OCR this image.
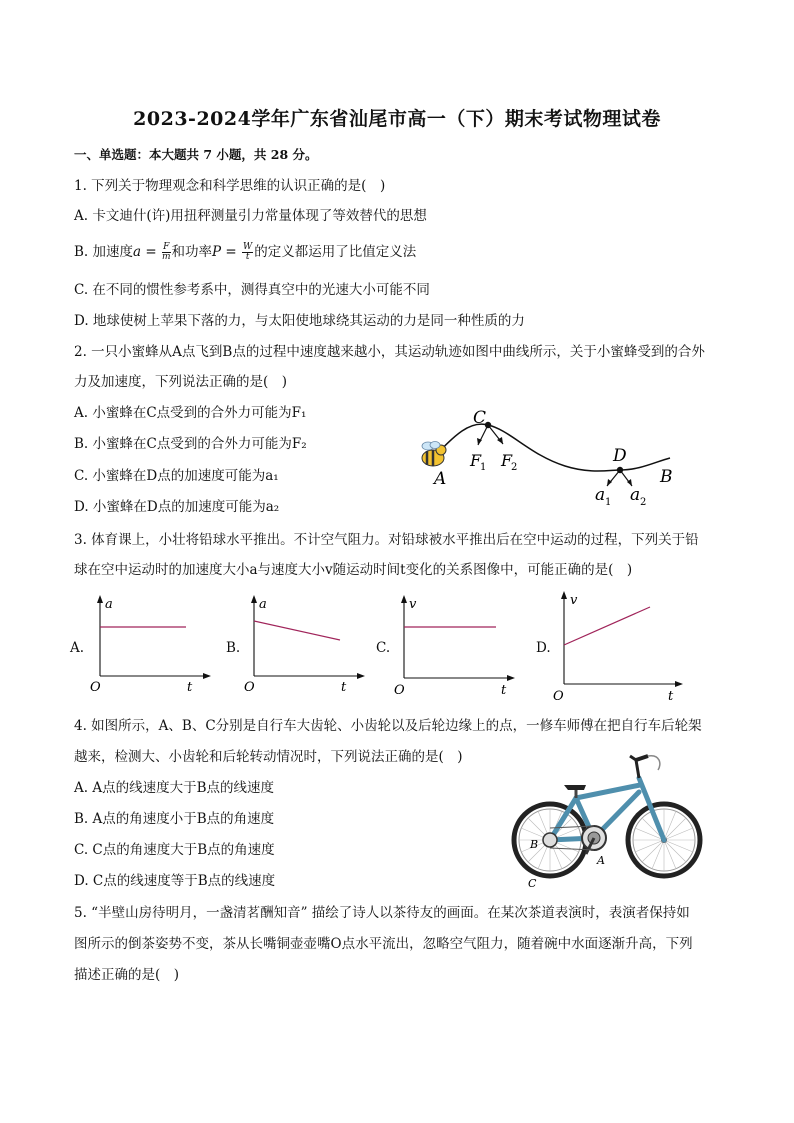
2023-2024学年广东省汕尾市高一（下）期末考试物理试卷
一、单选题：本大题共 7 小题，共 28 分。
1. 下列关于物理观念和科学思维的认识正确的是(　)
A. 卡文迪什(许)用扭秤测量引力常量体现了等效替代的思想
B. 加速度$a = \frac{F}{m}$ 和功率$P = \frac{W}{t}$ 的定义都运用了比值定义法
C. 在不同的惯性参考系中，测得真空中的光速大小可能不同
D. 地球使树上苹果下落的力，与太阳使地球绕其运动的力是同一种性质的力
2. 一只小蜜蜂从A点飞到B点的过程中速度越来越小，其运动轨迹如图中曲线所示，关于小蜜蜂受到的合外
力及加速度，下列说法正确的是(　)
A. 小蜜蜂在C点受到的合外力可能为F₁
B. 小蜜蜂在C点受到的合外力可能为F₂
C. 小蜜蜂在D点的加速度可能为a₁
D. 小蜜蜂在D点的加速度可能为a₂
C
F
1 F
2
D
A	B
a 1 a 2
3. 体育课上，小壮将铅球水平推出。不计空气阻力。对铅球被水平推出后在空中运动的过程，下列关于铅
球在空中运动时的加速度大小a与速度大小v随运动时间t变化的关系图像中，可能正确的是(　)
A.
a
t
O
B.
a
t
O
C.
v
t
O
D.
v
t
O
4. 如图所示，A、B、C分别是自行车大齿轮、小齿轮以及后轮边缘上的点，一修车师傅在把自行车后轮架
越来，检测大、小齿轮和后轮转动情况时，下列说法正确的是(　)
A. A点的线速度大于B点的线速度
B. A点的角速度小于B点的角速度
C. C点的角速度大于B点的角速度
D. C点的线速度等于B点的线速度
B
A
C
5. “半壁山房待明月，一盏清茗酬知音” 描绘了诗人以茶待友的画面。在某次茶道表演时，表演者保持如
图所示的倒茶姿势不变，茶从长嘴铜壶壶嘴O点水平流出，忽略空气阻力，随着碗中水面逐渐升高，下列
描述正确的是(　)
